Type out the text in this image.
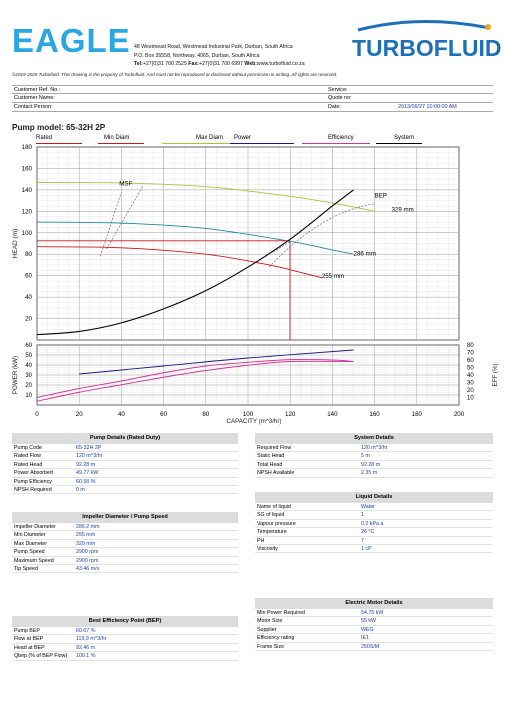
EAGLE	TURBOFLUID
48 Westmead Road, Westmead Industrial Park, Durban, South Africa
P.O. Box 35558, Northway, 4065, Durban, South Africa
Tel:+27(0)31 700 2525 Fax:+27(0)31 700 6997 Web:www.turbofluid.co.za
©2019-2020 Turbofluid. This drawing is the property of Turbofluid. And must not be reproduced or disclosed without permission in writing. All rights are reserved.
Customer Ref. No.:	Service:
Customer Name:	Quote no:
Contact Person:	Date:	2013/06/27 10:00:00 AM
Pump model: 65-32H 2P
Rated	Min Diam	Max Diam Power	Efficiency	System
20
40
60
80
100
120
140
160
180
0	20	40	60	80	100	120	140	160	180	200
10
20
30
40
50
60
10
20
30
40
50
60
70
80
HEAD (m)
POWER (kW)	EFF (%)
CAPACITY (m^3/hr)
MSF
BEP
329 mm
286 mm
255 mm
Pump Details (Rated Duty)
Pump Code	65-32H 2P
Rated Flow	120 m^3/hr
Rated Head	92.28 m
Power Absorbed	49.77 kW
Pump Efficiency	60.58 %
NPSH Required	0 m
Impeller Diameter / Pump Speed
Impeller Diameter	286.2 mm
Min Diameter	255 mm
Max Diameter	329 mm
Pump Speed	2900 rpm
Maximum Speed	2900 rpm
Tip Speed	43.46 m/s
Best Efficiency Point (BEP)
Pump BEP	60.67 %
Flow at BEP	119.9 m^3/hr
Head at BEP	92.46 m
Qbep (% of BEP Flow) 100.1 %
System Details
Required Flow	120 m^3/hr
Static Head	5 m
Total Head	92.28 m
NPSH Available	2.35 m
Liquid Details
Name of liquid	Water
SG of liquid	1
Vapour pressure	0.2 kPa a
Temperature	26 °C
PH	7
Viscosity	1 cP
Electric Motor Details
Min Power Required	54.75 kW
Motor Size	55 kW
Supplier	WEG
Efficiency rating	IE1
Frame Size	250S/M
